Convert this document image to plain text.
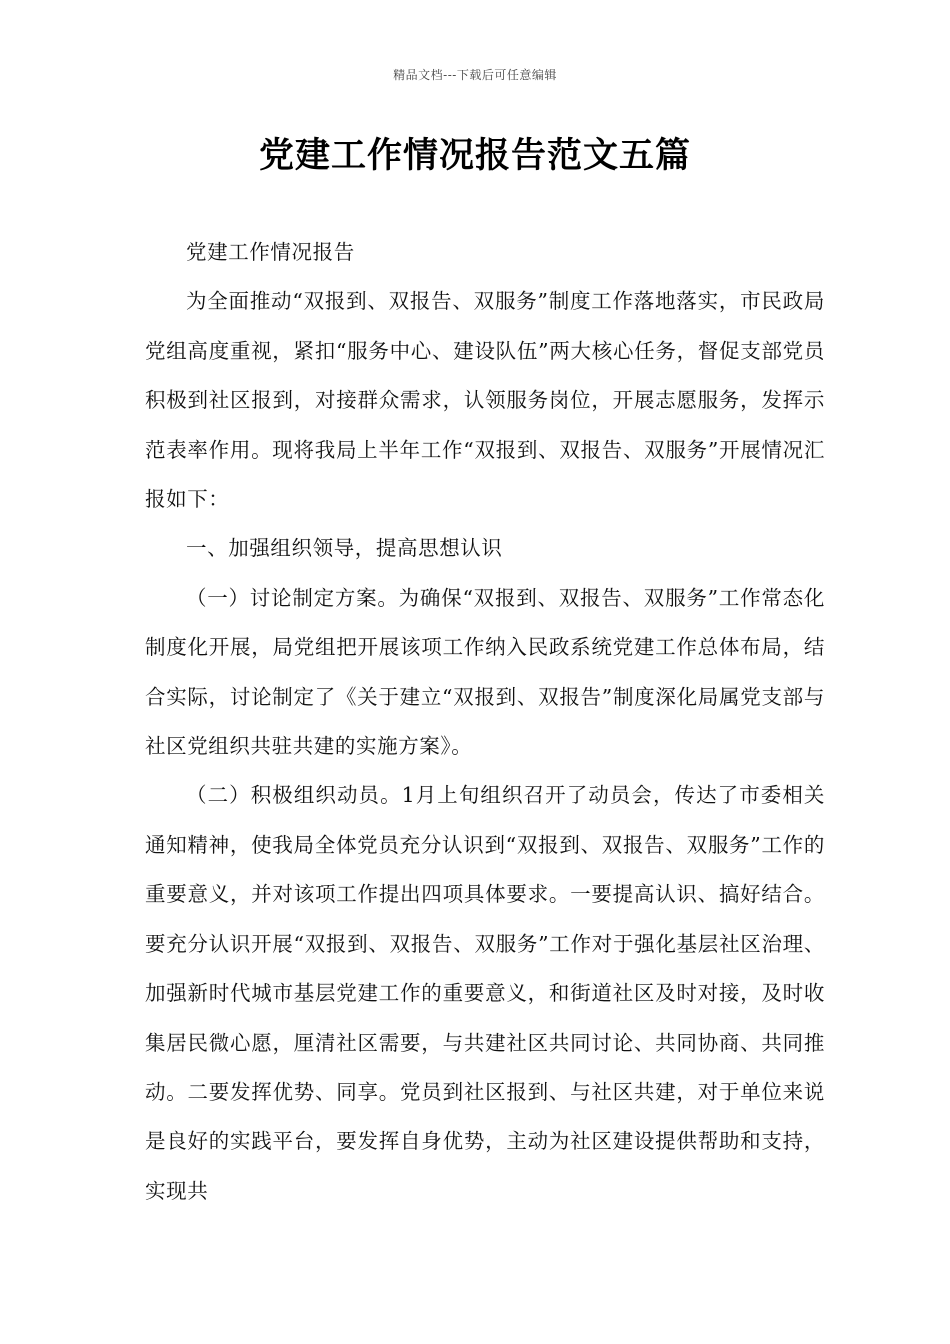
精品文档---下载后可任意编辑
党建工作情况报告范文五篇

党建工作情况报告

为全面推动“双报到、双报告、双服务”制度工作落地落实，市民政局党组高度重视，紧扣“服务中心、建设队伍”两大核心任务，督促支部党员积极到社区报到，对接群众需求，认领服务岗位，开展志愿服务，发挥示范表率作用。现将我局上半年工作“双报到、双报告、双服务”开展情况汇报如下：

一、加强组织领导，提高思想认识

（一）讨论制定方案。为确保“双报到、双报告、双服务”工作常态化制度化开展，局党组把开展该项工作纳入民政系统党建工作总体布局，结合实际，讨论制定了《关于建立“双报到、双报告”制度深化局属党支部与社区党组织共驻共建的实施方案》。

（二）积极组织动员。1月上旬组织召开了动员会，传达了市委相关通知精神，使我局全体党员充分认识到“双报到、双报告、双服务”工作的重要意义，并对该项工作提出四项具体要求。一要提高认识、搞好结合。要充分认识开展“双报到、双报告、双服务”工作对于强化基层社区治理、加强新时代城市基层党建工作的重要意义，和街道社区及时对接，及时收集居民微心愿，厘清社区需要，与共建社区共同讨论、共同协商、共同推动。二要发挥优势、同享。党员到社区报到、与社区共建，对于单位来说是良好的实践平台，要发挥自身优势，主动为社区建设提供帮助和支持，实现共
